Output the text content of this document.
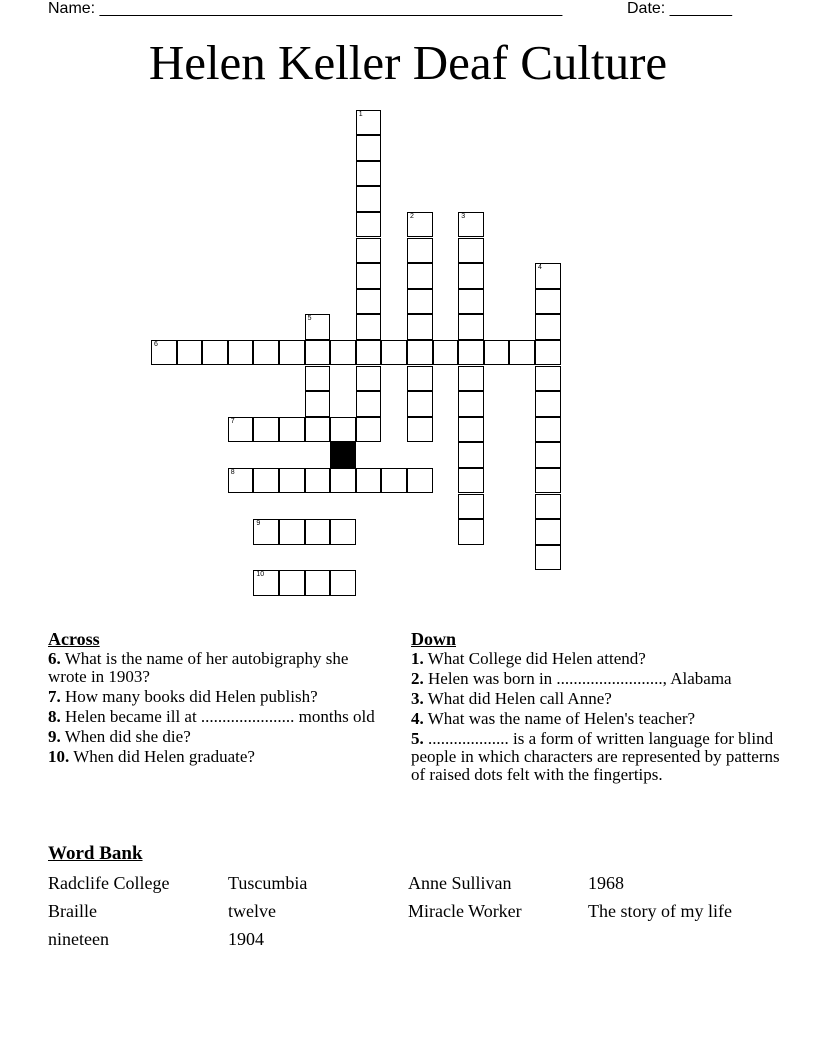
Name: ____________________________________________________	Date: _______
Helen Keller Deaf Culture
1
2	3
4
5
6
7
8
9
10
Across
6. What is the name of her autobigraphy she wrote in 1903?
7. How many books did Helen publish?
8. Helen became ill at ...................... months old
9. When did she die?
10. When did Helen graduate?
Down
1. What College did Helen attend?
2. Helen was born in ........................., Alabama
3. What did Helen call Anne?
4. What was the name of Helen's teacher?
5. ................... is a form of written language for blind people in which characters are represented by patterns of raised dots felt with the fingertips.
Word Bank
Radclife College	Tuscumbia	Anne Sullivan	1968
Braille	twelve	Miracle Worker	The story of my life
nineteen	1904
